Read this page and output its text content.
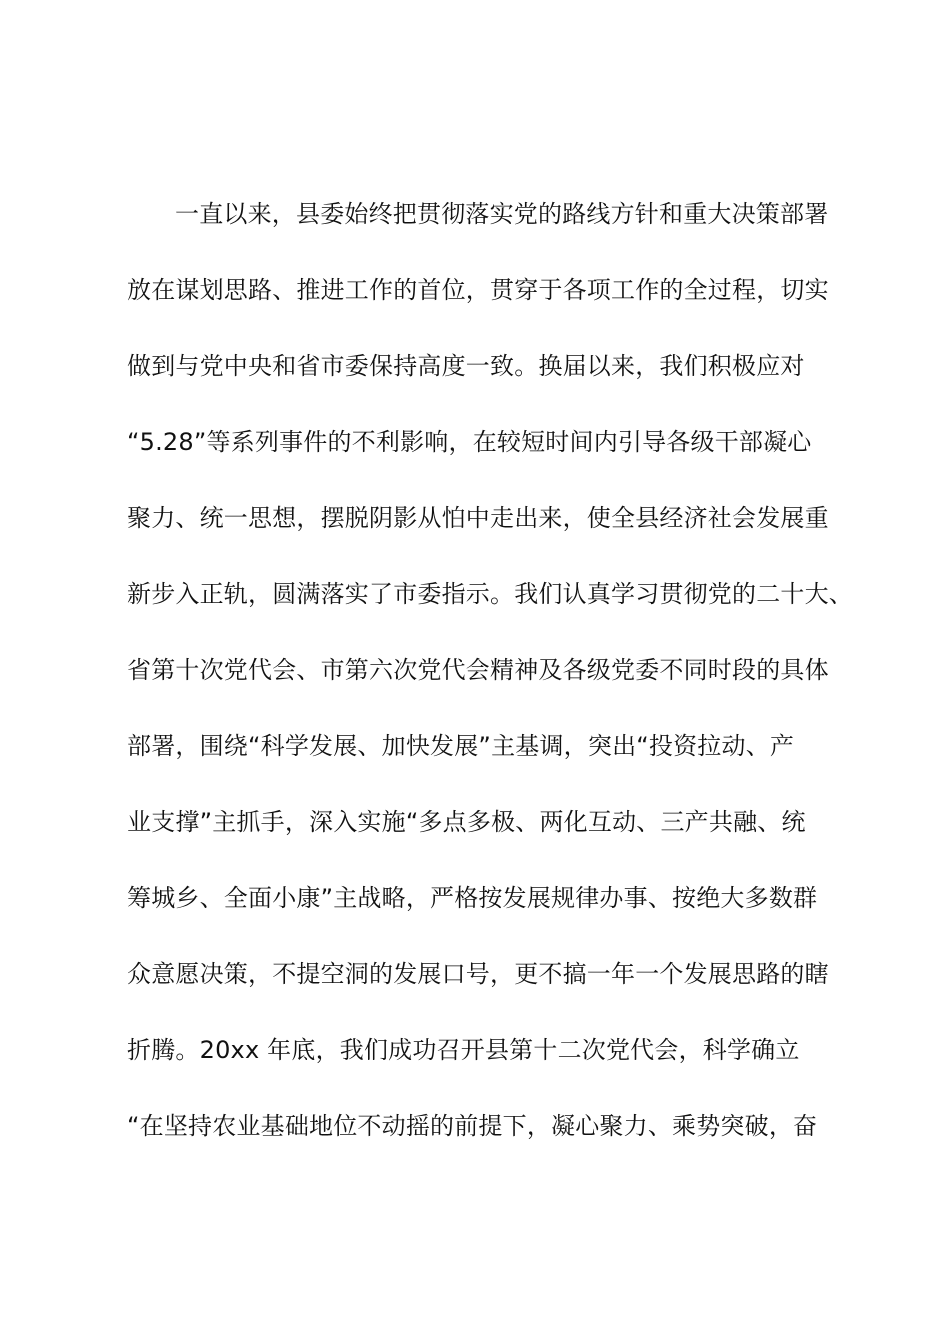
一直以来，县委始终把贯彻落实党的路线方针和重大决策部署
放在谋划思路、推进工作的首位，贯穿于各项工作的全过程，切实
做到与党中央和省市委保持高度一致。换届以来，我们积极应对
“5.28”等系列事件的不利影响，在较短时间内引导各级干部凝心
聚力、统一思想，摆脱阴影从怕中走出来，使全县经济社会发展重
新步入正轨，圆满落实了市委指示。我们认真学习贯彻党的二十大、
省第十次党代会、市第六次党代会精神及各级党委不同时段的具体
部署，围绕“科学发展、加快发展”主基调，突出“投资拉动、产
业支撑”主抓手，深入实施“多点多极、两化互动、三产共融、统
筹城乡、全面小康”主战略，严格按发展规律办事、按绝大多数群
众意愿决策，不提空洞的发展口号，更不搞一年一个发展思路的瞎
折腾。20xx 年底，我们成功召开县第十二次党代会，科学确立
“在坚持农业基础地位不动摇的前提下，凝心聚力、乘势突破，奋
